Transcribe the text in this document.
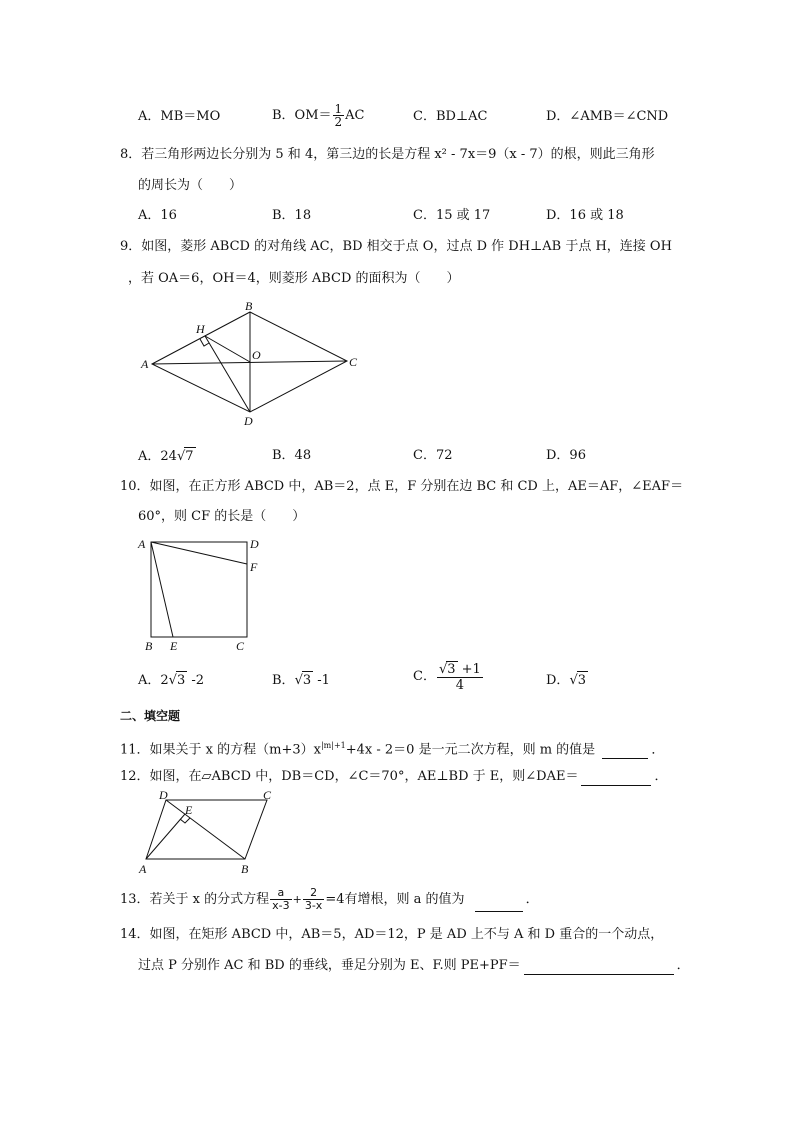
A．MB＝MO	B．$OM= \frac{1}{2}$ AC	C．BD⊥AC	D．∠AMB＝∠CND
8．若三角形两边长分别为 5 和 4，第三边的长是方程 x² - 7x＝9（x - 7）的根，则此三角形
的周长为（　　）
A．16	B．18	C．15 或 17	D．16 或 18
9．如图，菱形 ABCD 的对角线 AC，BD 相交于点 O，过点 D 作 DH⊥AB 于点 H，连接 OH
，若 OA＝6，OH＝4，则菱形 ABCD 的面积为（　　）
A
B
C
D
H
O
A．24√7	B．48	C．72	D．96
10．如图，在正方形 ABCD 中，AB＝2，点 E，F 分别在边 BC 和 CD 上，AE＝AF，∠EAF＝
60°，则 CF 的长是（　　）
A	D
F
B E	C
A．2√3 -2	B．√3 -1	C． $\frac{√3 +1}{4}$	D．√3
二、填空题
11．如果关于 x 的方程$(m+3)x^{|m|+1}+4x - 2=0$ 是一元二次方程，则 m 的值是	．
12．如图，在▱ABCD 中，DB＝CD，∠C＝70°，AE⊥BD 于 E，则∠DAE＝	．
D	C
E
A	B
13．若关于 x 的分式方程 $\frac{a}{x-3} + \frac{2}{3-x} =4$有增根，则 a 的值为	．
14．如图，在矩形 ABCD 中，AB＝5，AD＝12，P 是 AD 上不与 A 和 D 重合的一个动点，
过点 P 分别作 AC 和 BD 的垂线，垂足分别为 E、F.则 PE+PF＝	．
